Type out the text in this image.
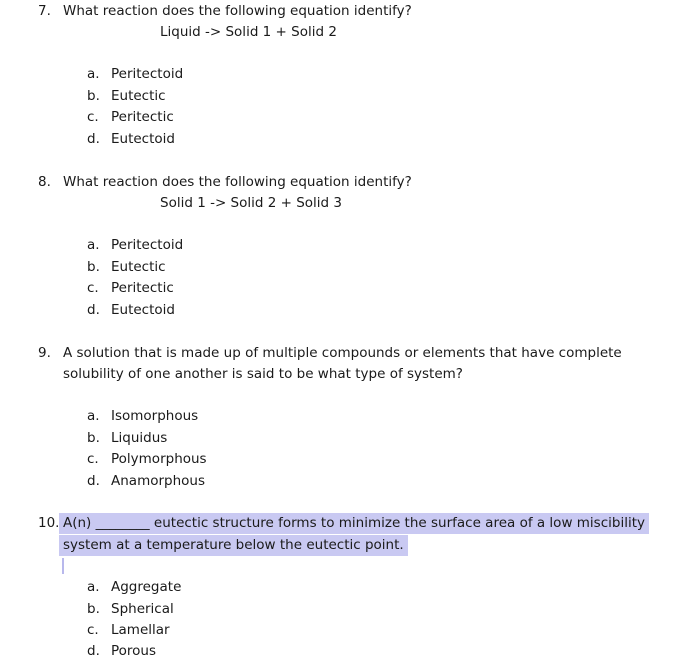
7. What reaction does the following equation identify?
Liquid -> Solid 1 + Solid 2
a. Peritectoid
b. Eutectic
c. Peritectic
d. Eutectoid
8. What reaction does the following equation identify?
Solid 1 -> Solid 2 + Solid 3
a. Peritectoid
b. Eutectic
c. Peritectic
d. Eutectoid
9. A solution that is made up of multiple compounds or elements that have complete
solubility of one another is said to be what type of system?
a. Isomorphous
b. Liquidus
c. Polymorphous
d. Anamorphous
10. A(n) ________ eutectic structure forms to minimize the surface area of a low miscibility
system at a temperature below the eutectic point.
a. Aggregate
b. Spherical
c. Lamellar
d. Porous
